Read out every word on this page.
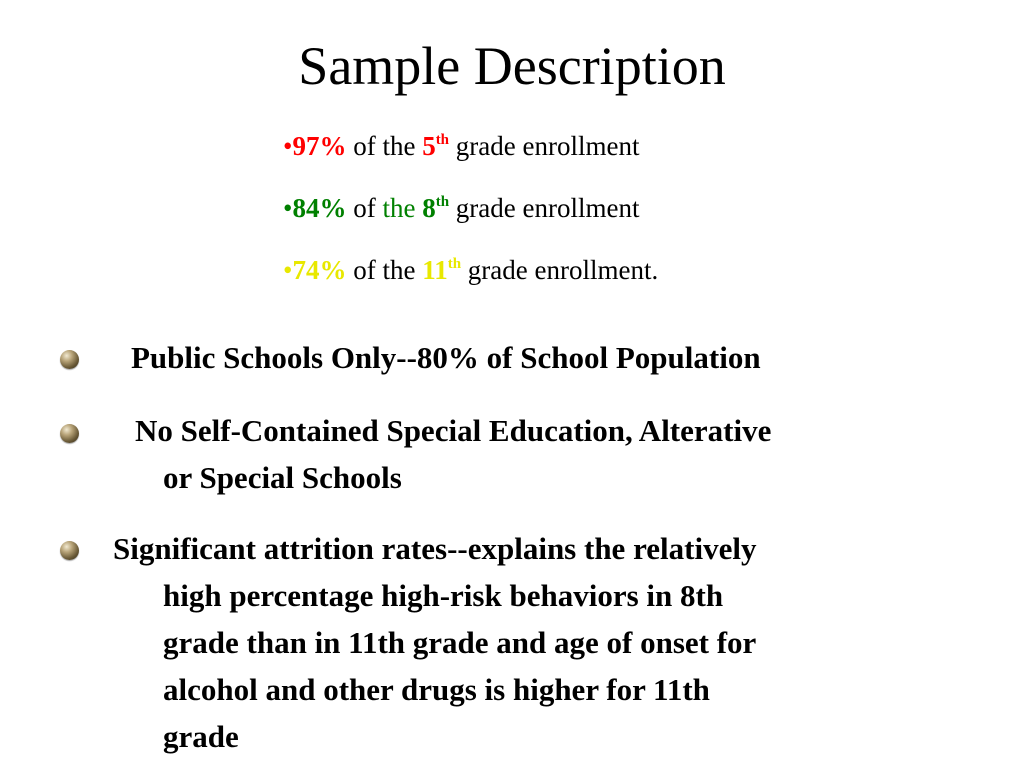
Sample Description
•97% of the 5th grade enrollment
•84% of the 8th grade enrollment
•74% of the 11th grade enrollment.
Public Schools Only--80% of School Population
No Self-Contained Special Education, Alterative
or Special Schools
Significant attrition rates--explains the relatively
high percentage high-risk behaviors in 8th
grade than in 11th grade and age of onset for
alcohol and other drugs is higher for 11th
grade
